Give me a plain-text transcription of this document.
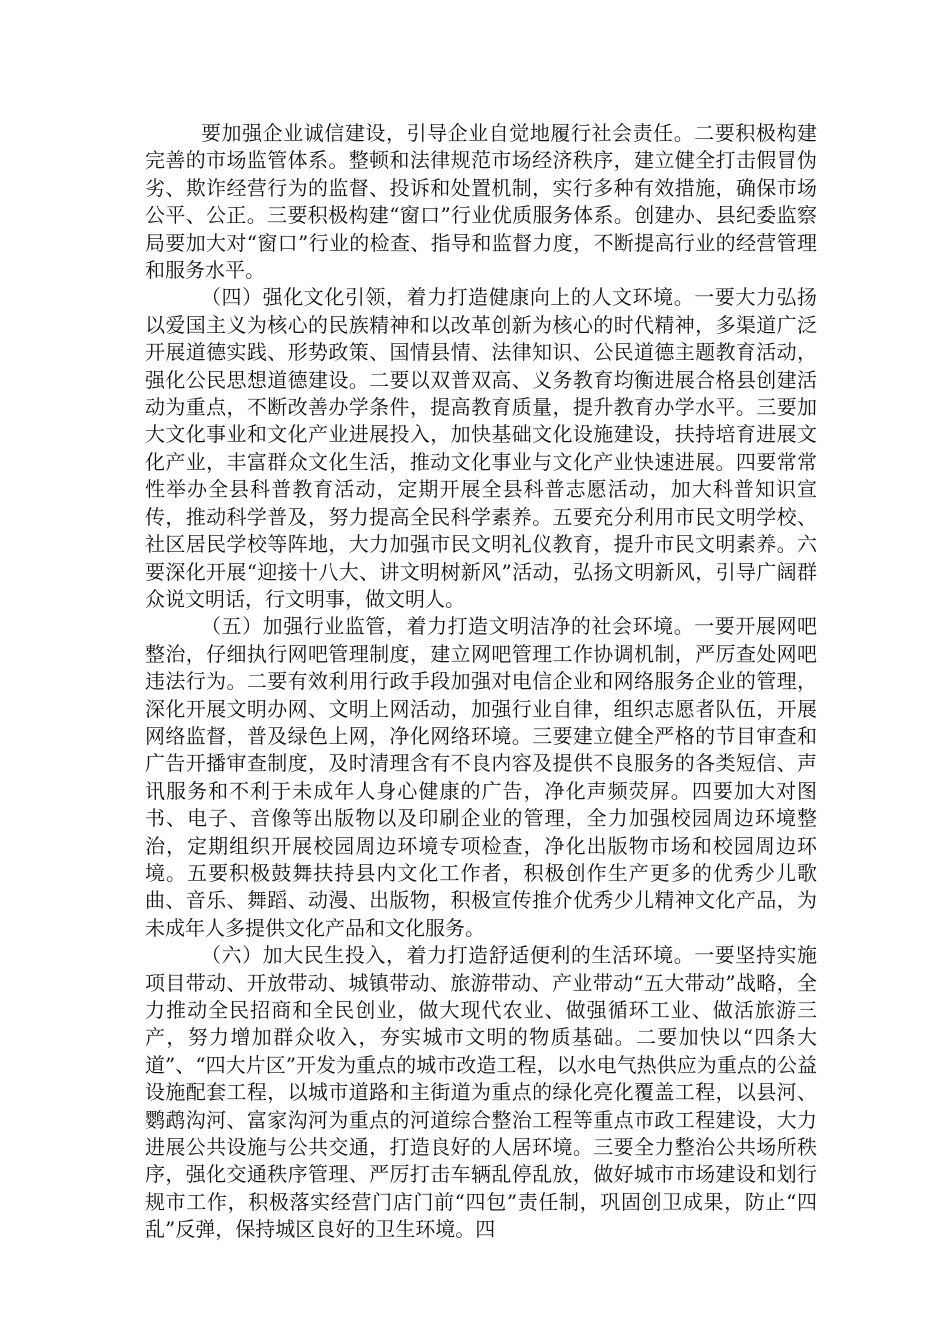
要加强企业诚信建设，引导企业自觉地履行社会责任。二要积极构建完善的市场监管体系。整顿和法律规范市场经济秩序，建立健全打击假冒伪劣、欺诈经营行为的监督、投诉和处置机制，实行多种有效措施，确保市场公平、公正。三要积极构建“窗口”行业优质服务体系。创建办、县纪委监察局要加大对“窗口”行业的检查、指导和监督力度，不断提高行业的经营管理和服务水平。

（四）强化文化引领，着力打造健康向上的人文环境。一要大力弘扬以爱国主义为核心的民族精神和以改革创新为核心的时代精神，多渠道广泛开展道德实践、形势政策、国情县情、法律知识、公民道德主题教育活动，强化公民思想道德建设。二要以双普双高、义务教育均衡进展合格县创建活动为重点，不断改善办学条件，提高教育质量，提升教育办学水平。三要加大文化事业和文化产业进展投入，加快基础文化设施建设，扶持培育进展文化产业，丰富群众文化生活，推动文化事业与文化产业快速进展。四要常常性举办全县科普教育活动，定期开展全县科普志愿活动，加大科普知识宣传，推动科学普及，努力提高全民科学素养。五要充分利用市民文明学校、社区居民学校等阵地，大力加强市民文明礼仪教育，提升市民文明素养。六要深化开展“迎接十八大、讲文明树新风”活动，弘扬文明新风，引导广阔群众说文明话，行文明事，做文明人。

（五）加强行业监管，着力打造文明洁净的社会环境。一要开展网吧整治，仔细执行网吧管理制度，建立网吧管理工作协调机制，严厉查处网吧违法行为。二要有效利用行政手段加强对电信企业和网络服务企业的管理，深化开展文明办网、文明上网活动，加强行业自律，组织志愿者队伍，开展网络监督，普及绿色上网，净化网络环境。三要建立健全严格的节目审查和广告开播审查制度，及时清理含有不良内容及提供不良服务的各类短信、声讯服务和不利于未成年人身心健康的广告，净化声频荧屏。四要加大对图书、电子、音像等出版物以及印刷企业的管理，全力加强校园周边环境整治，定期组织开展校园周边环境专项检查，净化出版物市场和校园周边环境。五要积极鼓舞扶持县内文化工作者，积极创作生产更多的优秀少儿歌曲、音乐、舞蹈、动漫、出版物，积极宣传推介优秀少儿精神文化产品，为未成年人多提供文化产品和文化服务。

（六）加大民生投入，着力打造舒适便利的生活环境。一要坚持实施项目带动、开放带动、城镇带动、旅游带动、产业带动“五大带动”战略，全力推动全民招商和全民创业，做大现代农业、做强循环工业、做活旅游三产，努力增加群众收入，夯实城市文明的物质基础。二要加快以“四条大道”、“四大片区”开发为重点的城市改造工程，以水电气热供应为重点的公益设施配套工程，以城市道路和主街道为重点的绿化亮化覆盖工程，以县河、鹦鹉沟河、富家沟河为重点的河道综合整治工程等重点市政工程建设，大力进展公共设施与公共交通，打造良好的人居环境。三要全力整治公共场所秩序，强化交通秩序管理、严厉打击车辆乱停乱放，做好城市市场建设和划行规市工作，积极落实经营门店门前“四包”责任制，巩固创卫成果，防止“四乱”反弹，保持城区良好的卫生环境。四
